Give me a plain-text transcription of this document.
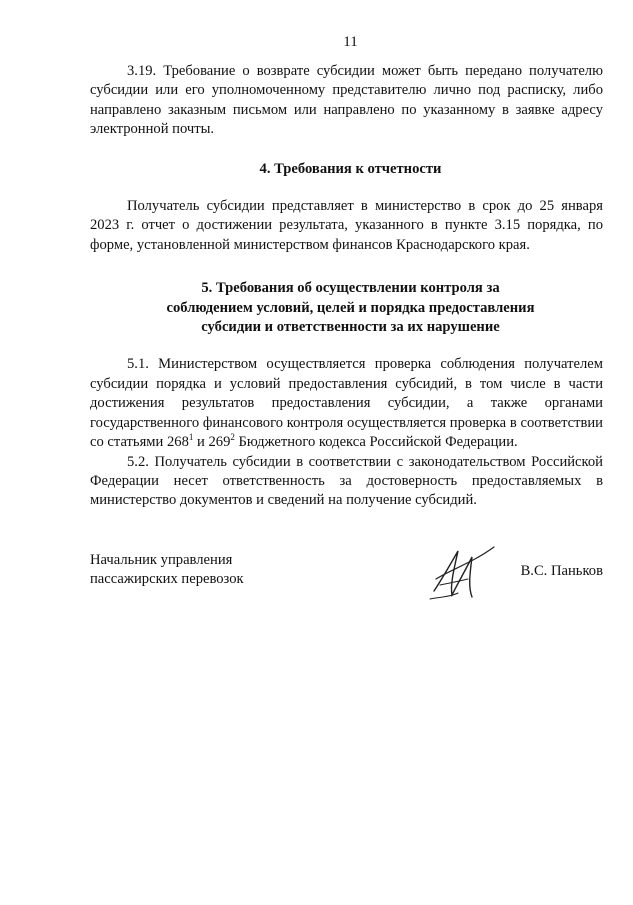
11

3.19. Требование о возврате субсидии может быть передано получателю субсидии или его уполномоченному представителю лично под расписку, либо направлено заказным письмом или направлено по указанному в заявке адресу электронной почты.

4. Требования к отчетности

Получатель субсидии представляет в министерство в срок до 25 января 2023 г. отчет о достижении результата, указанного в пункте 3.15 порядка, по форме, установленной министерством финансов Краснодарского края.

5. Требования об осуществлении контроля за
соблюдением условий, целей и порядка предоставления
субсидии и ответственности за их нарушение

5.1. Министерством осуществляется проверка соблюдения получателем субсидии порядка и условий предоставления субсидий, в том числе в части достижения результатов предоставления субсидии, а также органами государственного финансового контроля осуществляется проверка в соответствии со статьями $268^1$ и $269^2$ Бюджетного кодекса Российской Федерации.

5.2. Получатель субсидии в соответствии с законодательством Российской Федерации несет ответственность за достоверность предоставляемых в министерство документов и сведений на получение субсидий.

Начальник управления
пассажирских перевозок
В.С. Паньков
